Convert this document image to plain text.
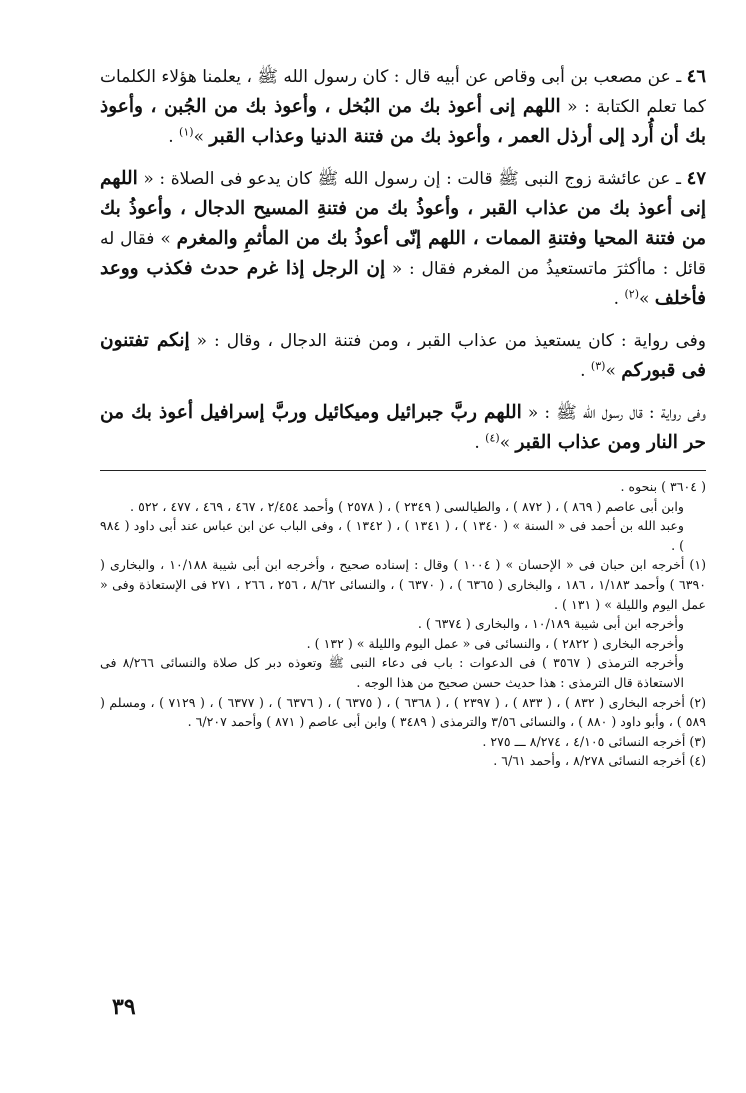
٤٦ ـ عن مصعب بن أبى وقاص عن أبيه قال : كان رسول الله ﷺ ، يعلمنا هؤلاء الكلمات كما تعلم الكتابة : « اللهم إنى أعوذ بك من البُخل ، وأعوذ بك من الجُبن ، وأعوذ بك أن أُرد إلى أرذل العمر ، وأعوذ بك من فتنة الدنيا وعذاب القبر »$^{(١)}$ .

٤٧ ـ عن عائشة زوج النبى ﷺ قالت : إن رسول الله ﷺ كان يدعو فى الصلاة : « اللهم إنى أعوذ بك من عذاب القبر ، وأعوذُ بك من فتنةِ المسيح الدجال ، وأعوذُ بك من فتنة المحيا وفتنةِ الممات ، اللهم إنّى أعوذُ بك من المأثمِ والمغرم » فقال له قائل : ماأكثرَ ماتستعيذُ من المغرم فقال : « إن الرجل إذا غرم حدث فكذب ووعد فأخلف »$^{(٢)}$ .

وفى رواية : كان يستعيذ من عذاب القبر ، ومن فتنة الدجال ، وقال : « إنكم تفتنون فى قبوركم »$^{(٣)}$ .

وفى رواية : قال رسول الله ﷺ : « اللهم ربَّ جبرائيل وميكائيل وربَّ إسرافيل أعوذ بك من حر النار ومن عذاب القبر »$^{(٤)}$ .

( ٣٦٠٤ ) بنحوه .

وابن أبى عاصم ( ٨٦٩ ) ، ( ٨٧٢ ) ، والطيالسى ( ٢٣٤٩ ) ، ( ٢٥٧٨ ) وأحمد ٢/٤٥٤ ، ٤٦٧ ، ٤٦٩ ، ٤٧٧ ، ٥٢٢ .

وعبد الله بن أحمد فى « السنة » ( ١٣٤٠ ) ، ( ١٣٤١ ) ، ( ١٣٤٢ ) ، وفى الباب عن ابن عباس عند أبى داود ( ٩٨٤ ) .

(١) أخرجه ابن حبان فى « الإحسان » ( ١٠٠٤ ) وقال : إسناده صحيح ، وأخرجه ابن أبى شيبة ١٠/١٨٨ ، والبخارى ( ٦٣٩٠ ) وأحمد ١/١٨٣ ، ١٨٦ ، والبخارى ( ٦٣٦٥ ) ، ( ٦٣٧٠ ) ، والنسائى ٨/٦٢ ، ٢٥٦ ، ٢٦٦ ، ٢٧١ فى الإستعاذة وفى « عمل اليوم والليلة » ( ١٣١ ) .

وأخرجه ابن أبى شيبة ١٠/١٨٩ ، والبخارى ( ٦٣٧٤ ) .

وأخرجه البخارى ( ٢٨٢٢ ) ، والنسائى فى « عمل اليوم والليلة » ( ١٣٢ ) .

وأخرجه الترمذى ( ٣٥٦٧ ) فى الدعوات : باب فى دعاء النبى ﷺ وتعوذه دبر كل صلاة والنسائى ٨/٢٦٦ فى الاستعاذة قال الترمذى : هذا حديث حسن صحيح من هذا الوجه .

(٢) أخرجه البخارى ( ٨٣٢ ) ، ( ٨٣٣ ) ، ( ٢٣٩٧ ) ، ( ٦٣٦٨ ) ، ( ٦٣٧٥ ) ، ( ٦٣٧٦ ) ، ( ٦٣٧٧ ) ، ( ٧١٢٩ ) ، ومسلم ( ٥٨٩ ) ، وأبو داود ( ٨٨٠ ) ، والنسائى ٣/٥٦ والترمذى ( ٣٤٨٩ ) وابن أبى عاصم ( ٨٧١ ) وأحمد ٦/٢٠٧ .

(٣) أخرجه النسائى ٤/١٠٥ ، ٨/٢٧٤ ـــ ٢٧٥ .

(٤) أخرجه النسائى ٨/٢٧٨ ، وأحمد ٦/٦١ .

٣٩
